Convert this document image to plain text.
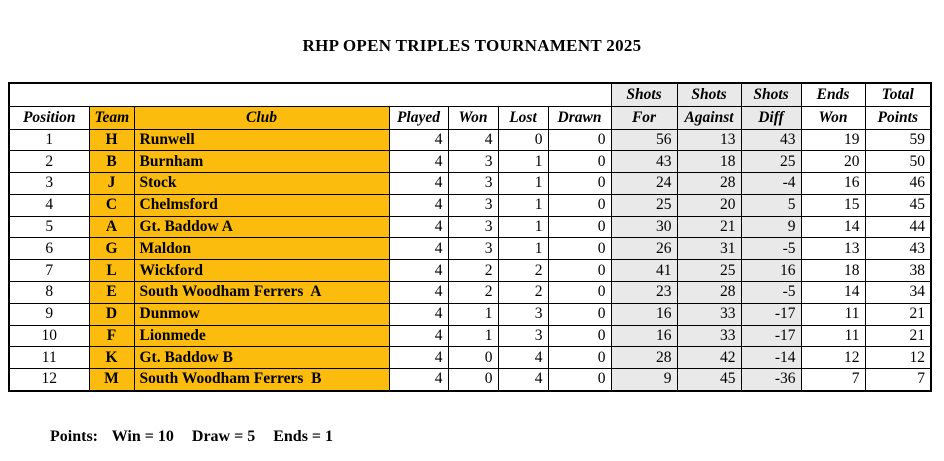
RHP OPEN TRIPLES TOURNAMENT 2025
							Shots	Shots	Shots	Ends	Total
Position	Team	Club	Played	Won	Lost	Drawn	For	Against	Diff	Won	Points
1	H	Runwell	4	4	0	0	56	13	43	19	59
2	B	Burnham	4	3	1	0	43	18	25	20	50
3	J	Stock	4	3	1	0	24	28	-4	16	46
4	C	Chelmsford	4	3	1	0	25	20	5	15	45
5	A	Gt. Baddow A	4	3	1	0	30	21	9	14	44
6	G	Maldon	4	3	1	0	26	31	-5	13	43
7	L	Wickford	4	2	2	0	41	25	16	18	38
8	E	South Woodham Ferrers  A	4	2	2	0	23	28	-5	14	34
9	D	Dunmow	4	1	3	0	16	33	-17	11	21
10	F	Lionmede	4	1	3	0	16	33	-17	11	21
11	K	Gt. Baddow B	4	0	4	0	28	42	-14	12	12
12	M	South Woodham Ferrers  B	4	0	4	0	9	45	-36	7	7
Points: Win = 10 Draw = 5 Ends = 1
